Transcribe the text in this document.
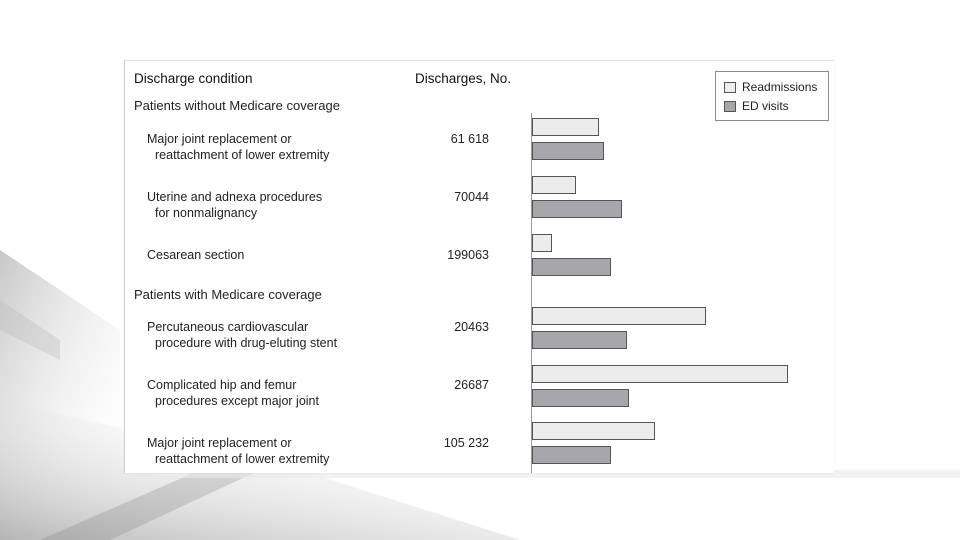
Discharge condition	Discharges, No.
Readmissions
ED visits
Patients without Medicare coverage
Major joint replacement or
reattachment of lower extremity
61 618
Uterine and adnexa procedures
for nonmalignancy
70044
Cesarean section	199063
Patients with Medicare coverage
Percutaneous cardiovascular
procedure with drug-eluting stent
20463
Complicated hip and femur
procedures except major joint
26687
Major joint replacement or
reattachment of lower extremity
105 232
